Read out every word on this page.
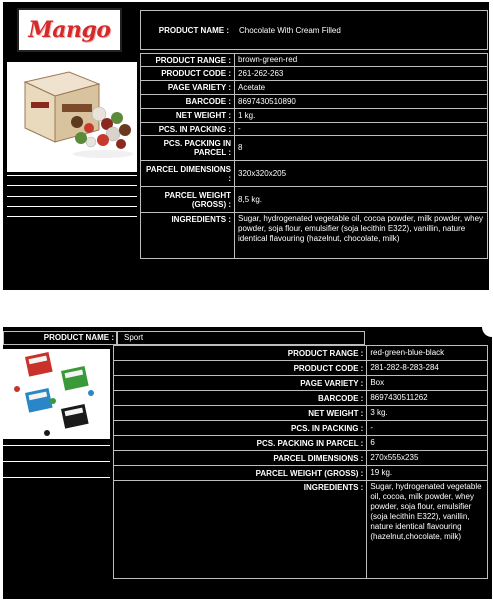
Mango	PRODUCT NAME :	Chocolate With Cream Filled
PRODUCT RANGE :	brown-green-red
PRODUCT CODE :	261-262-263
PAGE VARIETY :	Acetate
BARCODE :	8697430510890
NET WEIGHT :	1 kg.
PCS. IN PACKING :	-
PCS. PACKING IN PARCEL :	8
PARCEL DIMENSIONS :	320x320x205
PARCEL WEIGHT (GROSS) :	8,5 kg.
INGREDIENTS :	Sugar, hydrogenated vegetable oil, cocoa powder, milk powder, whey powder, soja flour, emulsifier (soja lecithin E322), vanillin, nature identical flavouring (hazelnut, chocolate, milk)
PRODUCT NAME :	Sport
PRODUCT RANGE :	red-green-blue-black
PRODUCT CODE :	281-282-8-283-284
PAGE VARIETY :	Box
BARCODE :	8697430511262
NET WEIGHT :	3 kg.
PCS. IN PACKING :	-
PCS. PACKING IN PARCEL :	6
PARCEL DIMENSIONS :	270x555x235
PARCEL WEIGHT (GROSS) :	19 kg.
INGREDIENTS :	Sugar, hydrogenated vegetable oil, cocoa, milk powder, whey powder, soja flour, emulsifier (soja lecithin E322), vanillin, nature identical flavouring (hazelnut,chocolate, milk)
